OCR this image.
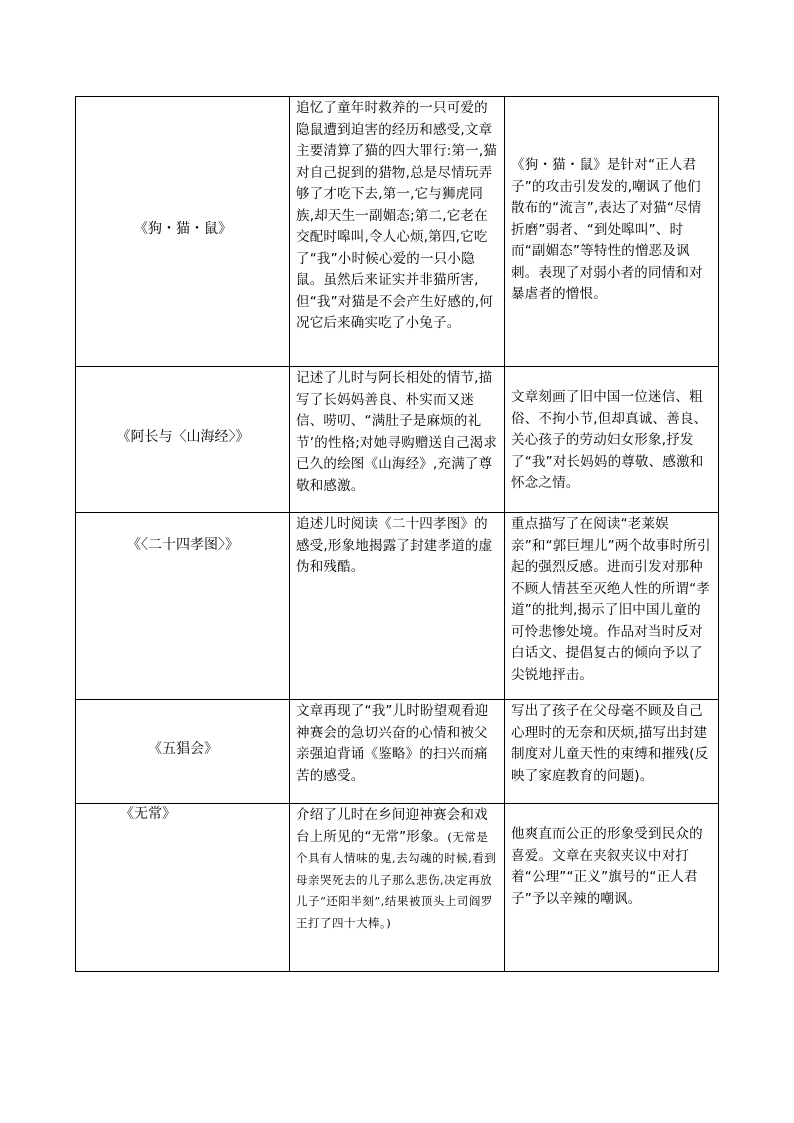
《狗・猫・鼠》	追忆了童年时救养的一只可爱的隐鼠遭到迫害的经历和感受,文章主要清算了猫的四大罪行:第一,猫对自己捉到的猎物,总是尽情玩弄够了才吃下去,第一,它与狮虎同族,却天生一副媚态;第二,它老在交配时嗥叫,令人心烦,第四,它吃了“我”小时候心爱的一只小隐鼠。虽然后来证实并非猫所害,但“我”对猫是不会产生好感的,何况它后来确实吃了小兔子。	《狗・猫・鼠》是针对“正人君子”的攻击引发发的,嘲讽了他们散布的“流言”,表达了对猫“尽情折磨”弱者、“到处嗥叫”、时而“副媚态”等特性的憎恶及讽刺。表现了对弱小者的同情和对暴虐者的憎恨。
《阿长与〈山海经〉》	记述了儿时与阿长相处的情节,描写了长妈妈善良、朴实而又迷信、唠叨、“满肚子是麻烦的礼节’的性格;对她寻购赠送自己渴求已久的绘图《山海经》,充满了尊敬和感激。	文章刻画了旧中国一位迷信、粗俗、不拘小节,但却真诚、善良、关心孩子的劳动妇女形象,抒发了“我”对长妈妈的尊敬、感激和怀念之情。
《〈二十四孝图〉》	追述儿时阅读《二十四孝图》的感受,形象地揭露了封建孝道的虚伪和残酷。	重点描写了在阅读“老莱娱亲”和“郭巨埋儿”两个故事时所引起的强烈反感。进而引发对那种不顾人情甚至灭绝人性的所谓“孝道”的批判,揭示了旧中国儿童的可怜悲惨处境。作品对当时反对白话文、提倡复古的倾向予以了尖锐地抨击。
《五猖会》	文章再现了“我”儿时盼望观看迎神赛会的急切兴奋的心情和被父亲强迫背诵《鉴略》的扫兴而痛苦的感受。	写出了孩子在父母毫不顾及自己心理时的无奈和厌烦,描写出封建制度对儿童天性的束缚和摧残(反映了家庭教育的问题)。
《无常》	介绍了儿时在乡间迎神赛会和戏台上所见的“无常”形象。(无常是个具有人情味的鬼,去勾魂的时候,看到母亲哭死去的儿子那么悲伤,决定再放儿子“还阳半刻”,结果被顶头上司阎罗王打了四十大棒。)	他爽直而公正的形象受到民众的喜爱。文章在夹叙夹议中对打着“公理”“正义”旗号的“正人君子”予以辛辣的嘲讽。
